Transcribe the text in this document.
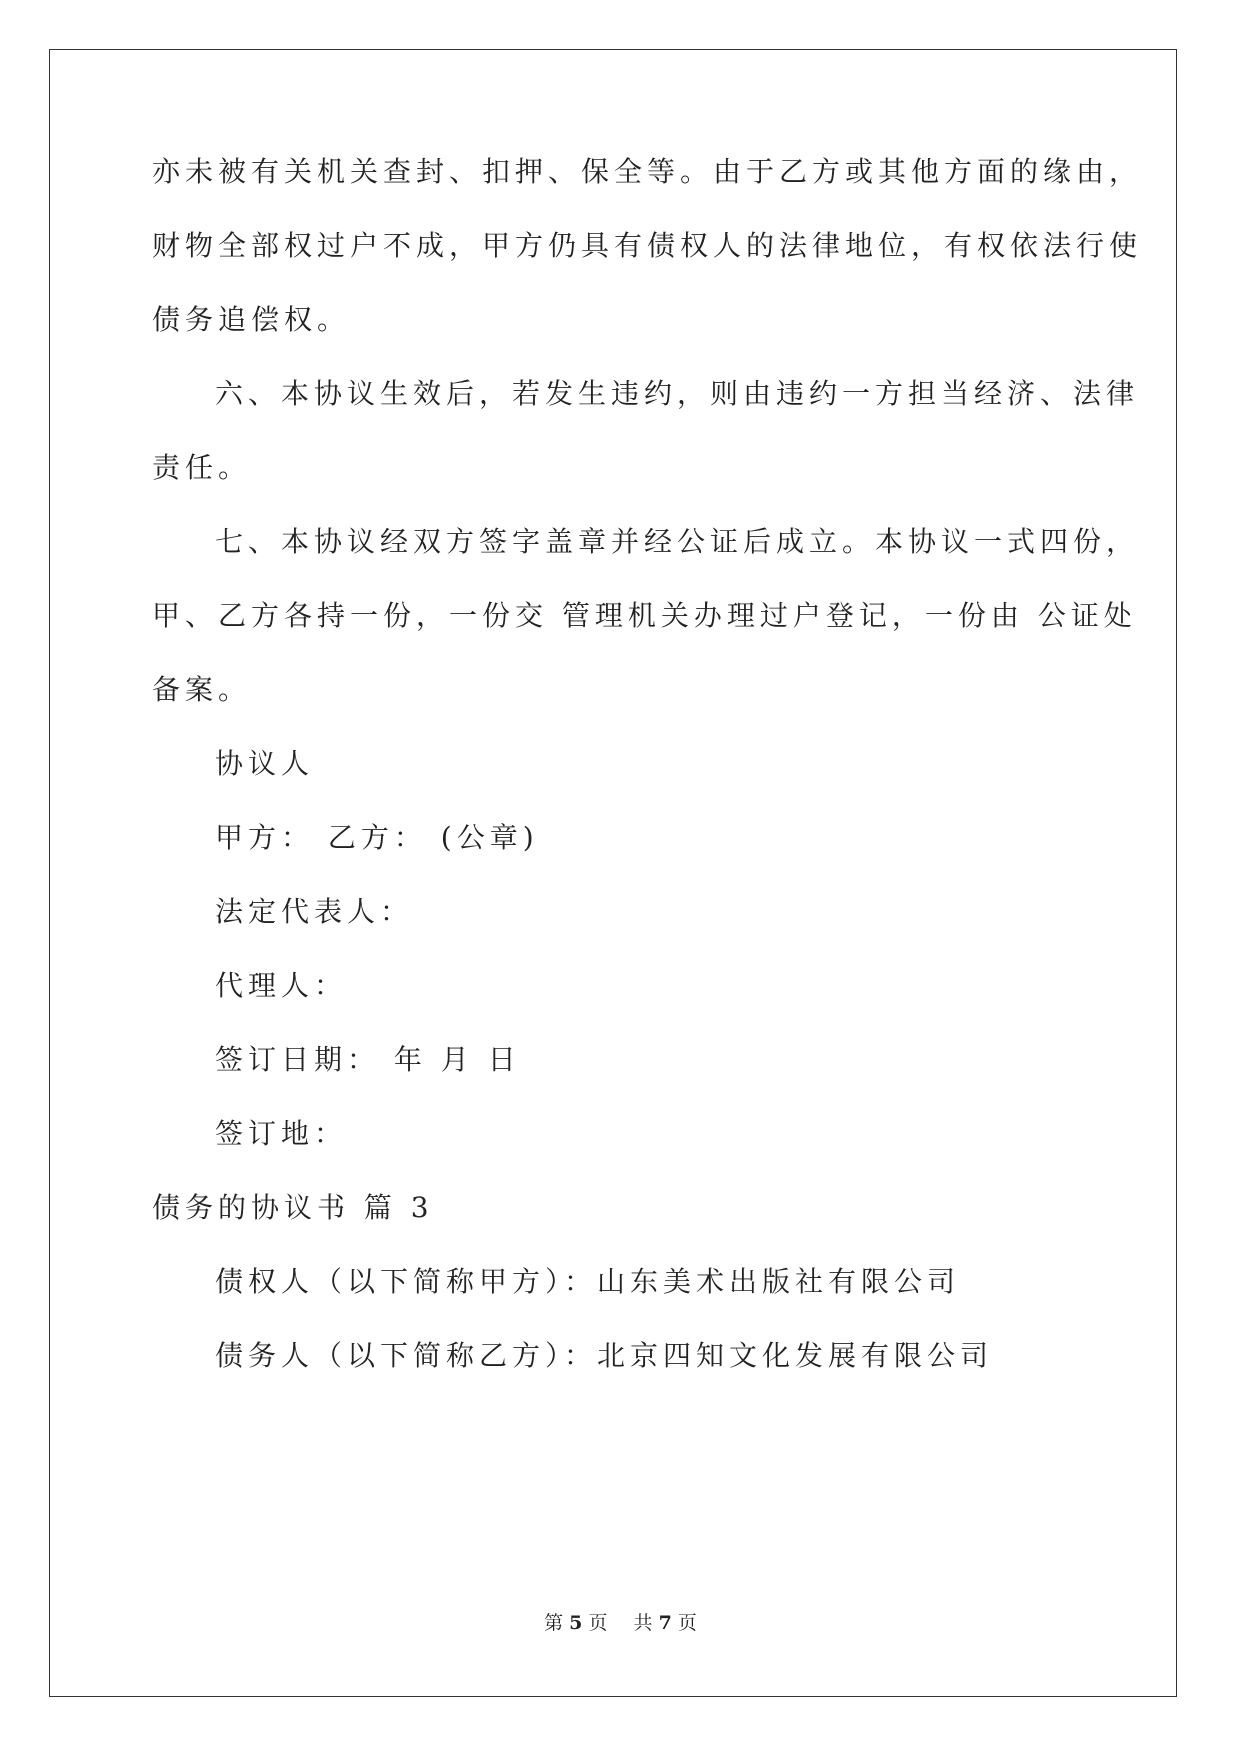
亦未被有关机关查封、扣押、保全等。由于乙方或其他方面的缘由，
财物全部权过户不成，甲方仍具有债权人的法律地位，有权依法行使
债务追偿权。
六、本协议生效后，若发生违约，则由违约一方担当经济、法律
责任。
七、本协议经双方签字盖章并经公证后成立。本协议一式四份，
甲、乙方各持一份，一份交 管理机关办理过户登记，一份由 公证处
备案。
协议人
甲方： 乙方： (公章)
法定代表人：
代理人：
签订日期： 年 月 日
签订地：
债务的协议书 篇 3
债权人（以下简称甲方）：山东美术出版社有限公司
债务人（以下简称乙方）：北京四知文化发展有限公司
第 5 页 共 7 页
